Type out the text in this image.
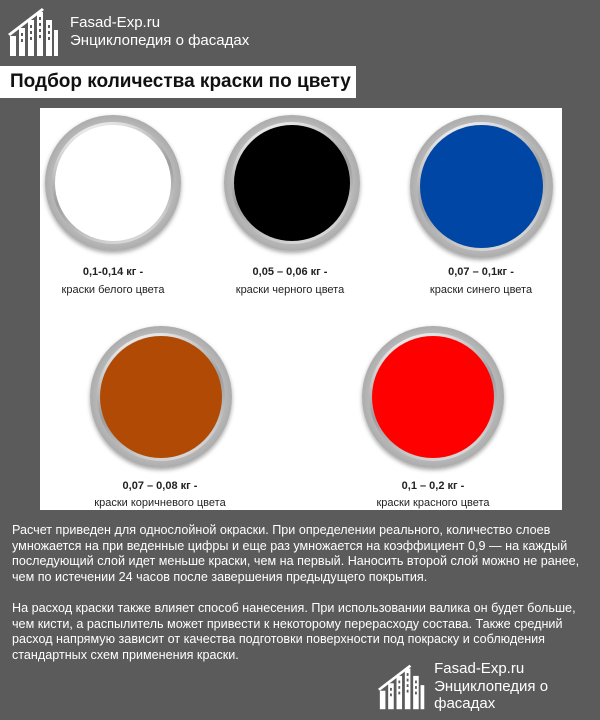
Fasad-Exp.ru
Энциклопедия о фасадах
Подбор количества краски по цвету
0,1-0,14 кг -
краски белого цвета
0,05 – 0,06 кг -
краски черного цвета
0,07 – 0,1кг -
краски синего цвета
0,07 – 0,08 кг -
краски коричневого цвета
0,1 – 0,2 кг -
краски красного цвета
Расчет приведен для однослойной окраски. При определении реального, количество слоев умножается на при веденные цифры и еще раз умножается на коэффициент 0,9 — на каждый последующий слой идет меньше краски, чем на первый. Наносить второй слой можно не ранее, чем по истечении 24 часов после завершения предыдущего покрытия.
На расход краски также влияет способ нанесения. При использовании валика он будет больше, чем кисти, а распылитель может привести к некоторому перерасходу состава. Также средний расход напрямую зависит от качества подготовки поверхности под покраску и соблюдения стандартных схем применения краски.
Fasad-Exp.ru
Энциклопедия о фасадах
